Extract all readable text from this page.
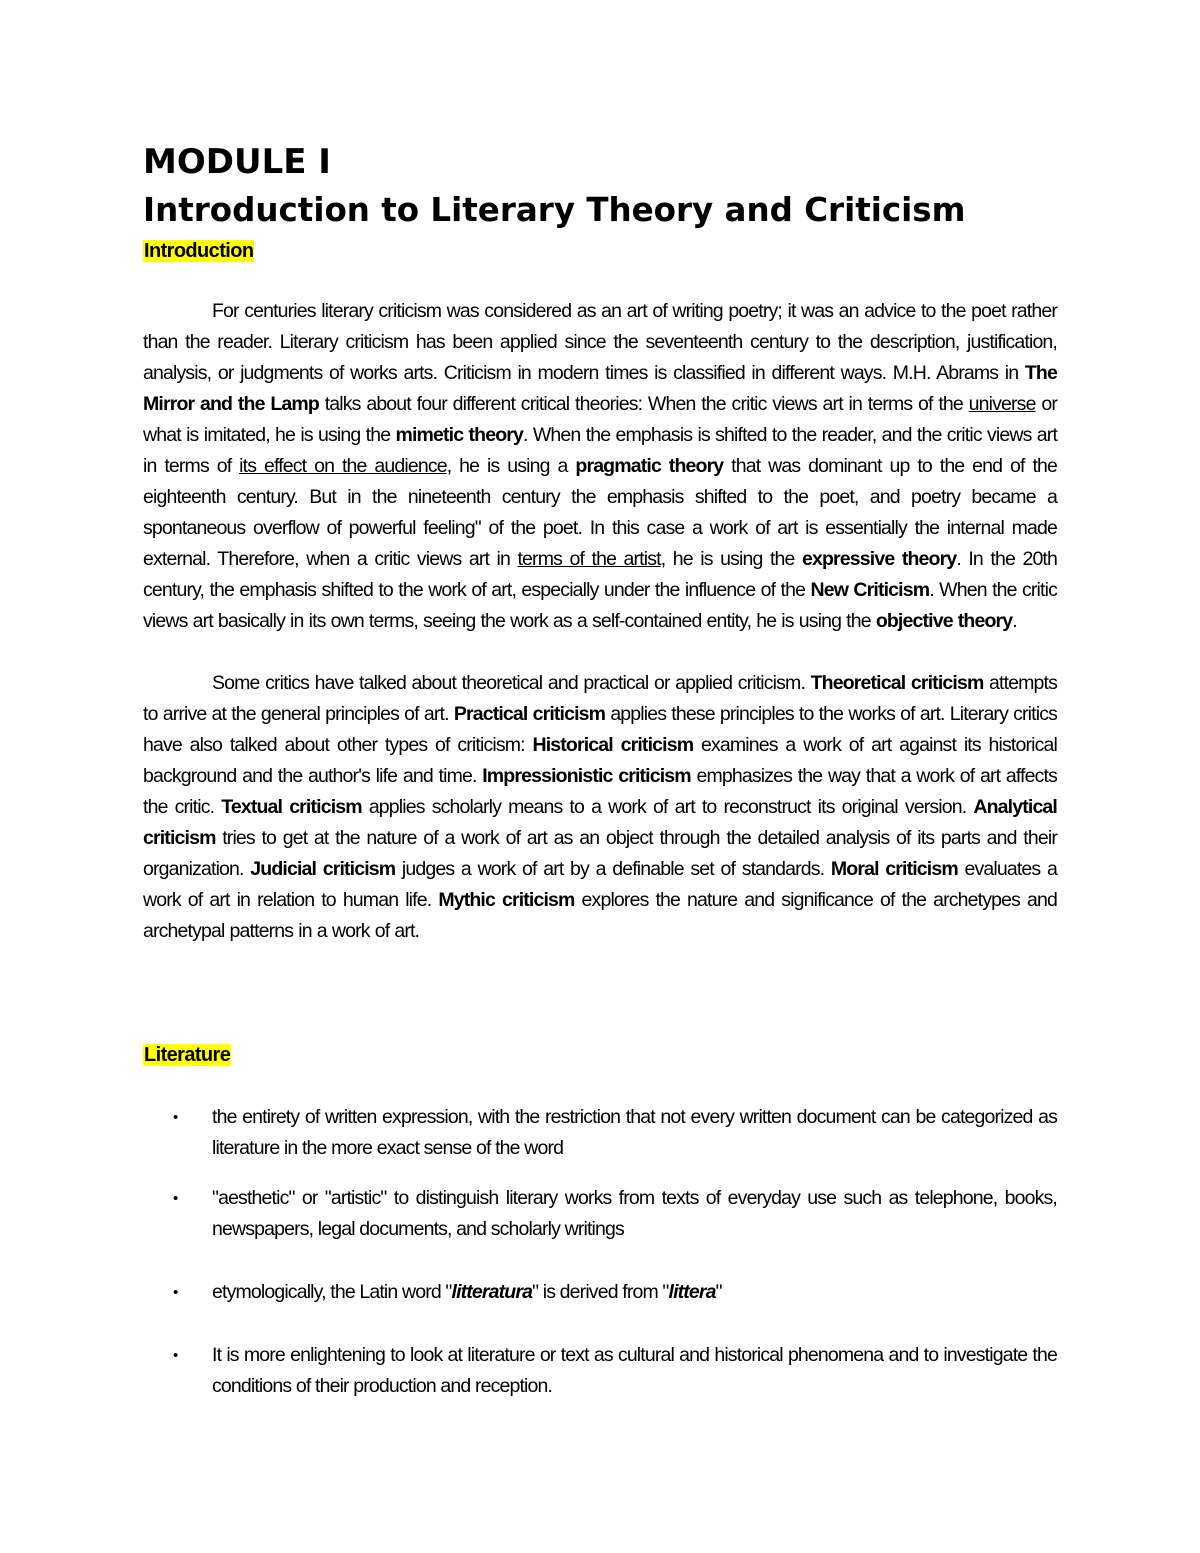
MODULE I
Introduction to Literary Theory and Criticism
Introduction

For centuries literary criticism was considered as an art of writing poetry; it was an advice to the poet rather than the reader. Literary criticism has been applied since the seventeenth century to the description, justification, analysis, or judgments of works arts. Criticism in modern times is classified in different ways. M.H. Abrams in The Mirror and the Lamp talks about four different critical theories: When the critic views art in terms of the universe or what is imitated, he is using the mimetic theory. When the emphasis is shifted to the reader, and the critic views art in terms of its effect on the audience, he is using a pragmatic theory that was dominant up to the end of the eighteenth century. But in the nineteenth century the emphasis shifted to the poet, and poetry became a spontaneous overflow of powerful feeling" of the poet. In this case a work of art is essentially the internal made external. Therefore, when a critic views art in terms of the artist, he is using the expressive theory. In the 20th century, the emphasis shifted to the work of art, especially under the influence of the New Criticism. When the critic views art basically in its own terms, seeing the work as a self-contained entity, he is using the objective theory.

Some critics have talked about theoretical and practical or applied criticism. Theoretical criticism attempts to arrive at the general principles of art. Practical criticism applies these principles to the works of art. Literary critics have also talked about other types of criticism: Historical criticism examines a work of art against its historical background and the author's life and time. Impressionistic criticism emphasizes the way that a work of art affects the critic. Textual criticism applies scholarly means to a work of art to reconstruct its original version. Analytical criticism tries to get at the nature of a work of art as an object through the detailed analysis of its parts and their organization. Judicial criticism judges a work of art by a definable set of standards. Moral criticism evaluates a work of art in relation to human life. Mythic criticism explores the nature and significance of the archetypes and archetypal patterns in a work of art.

Literature
• the entirety of written expression, with the restriction that not every written document can be categorized as literature in the more exact sense of the word
• "aesthetic" or "artistic" to distinguish literary works from texts of everyday use such as telephone, books, newspapers, legal documents, and scholarly writings
• etymologically, the Latin word "litteratura" is derived from "littera"
• It is more enlightening to look at literature or text as cultural and historical phenomena and to investigate the conditions of their production and reception.
